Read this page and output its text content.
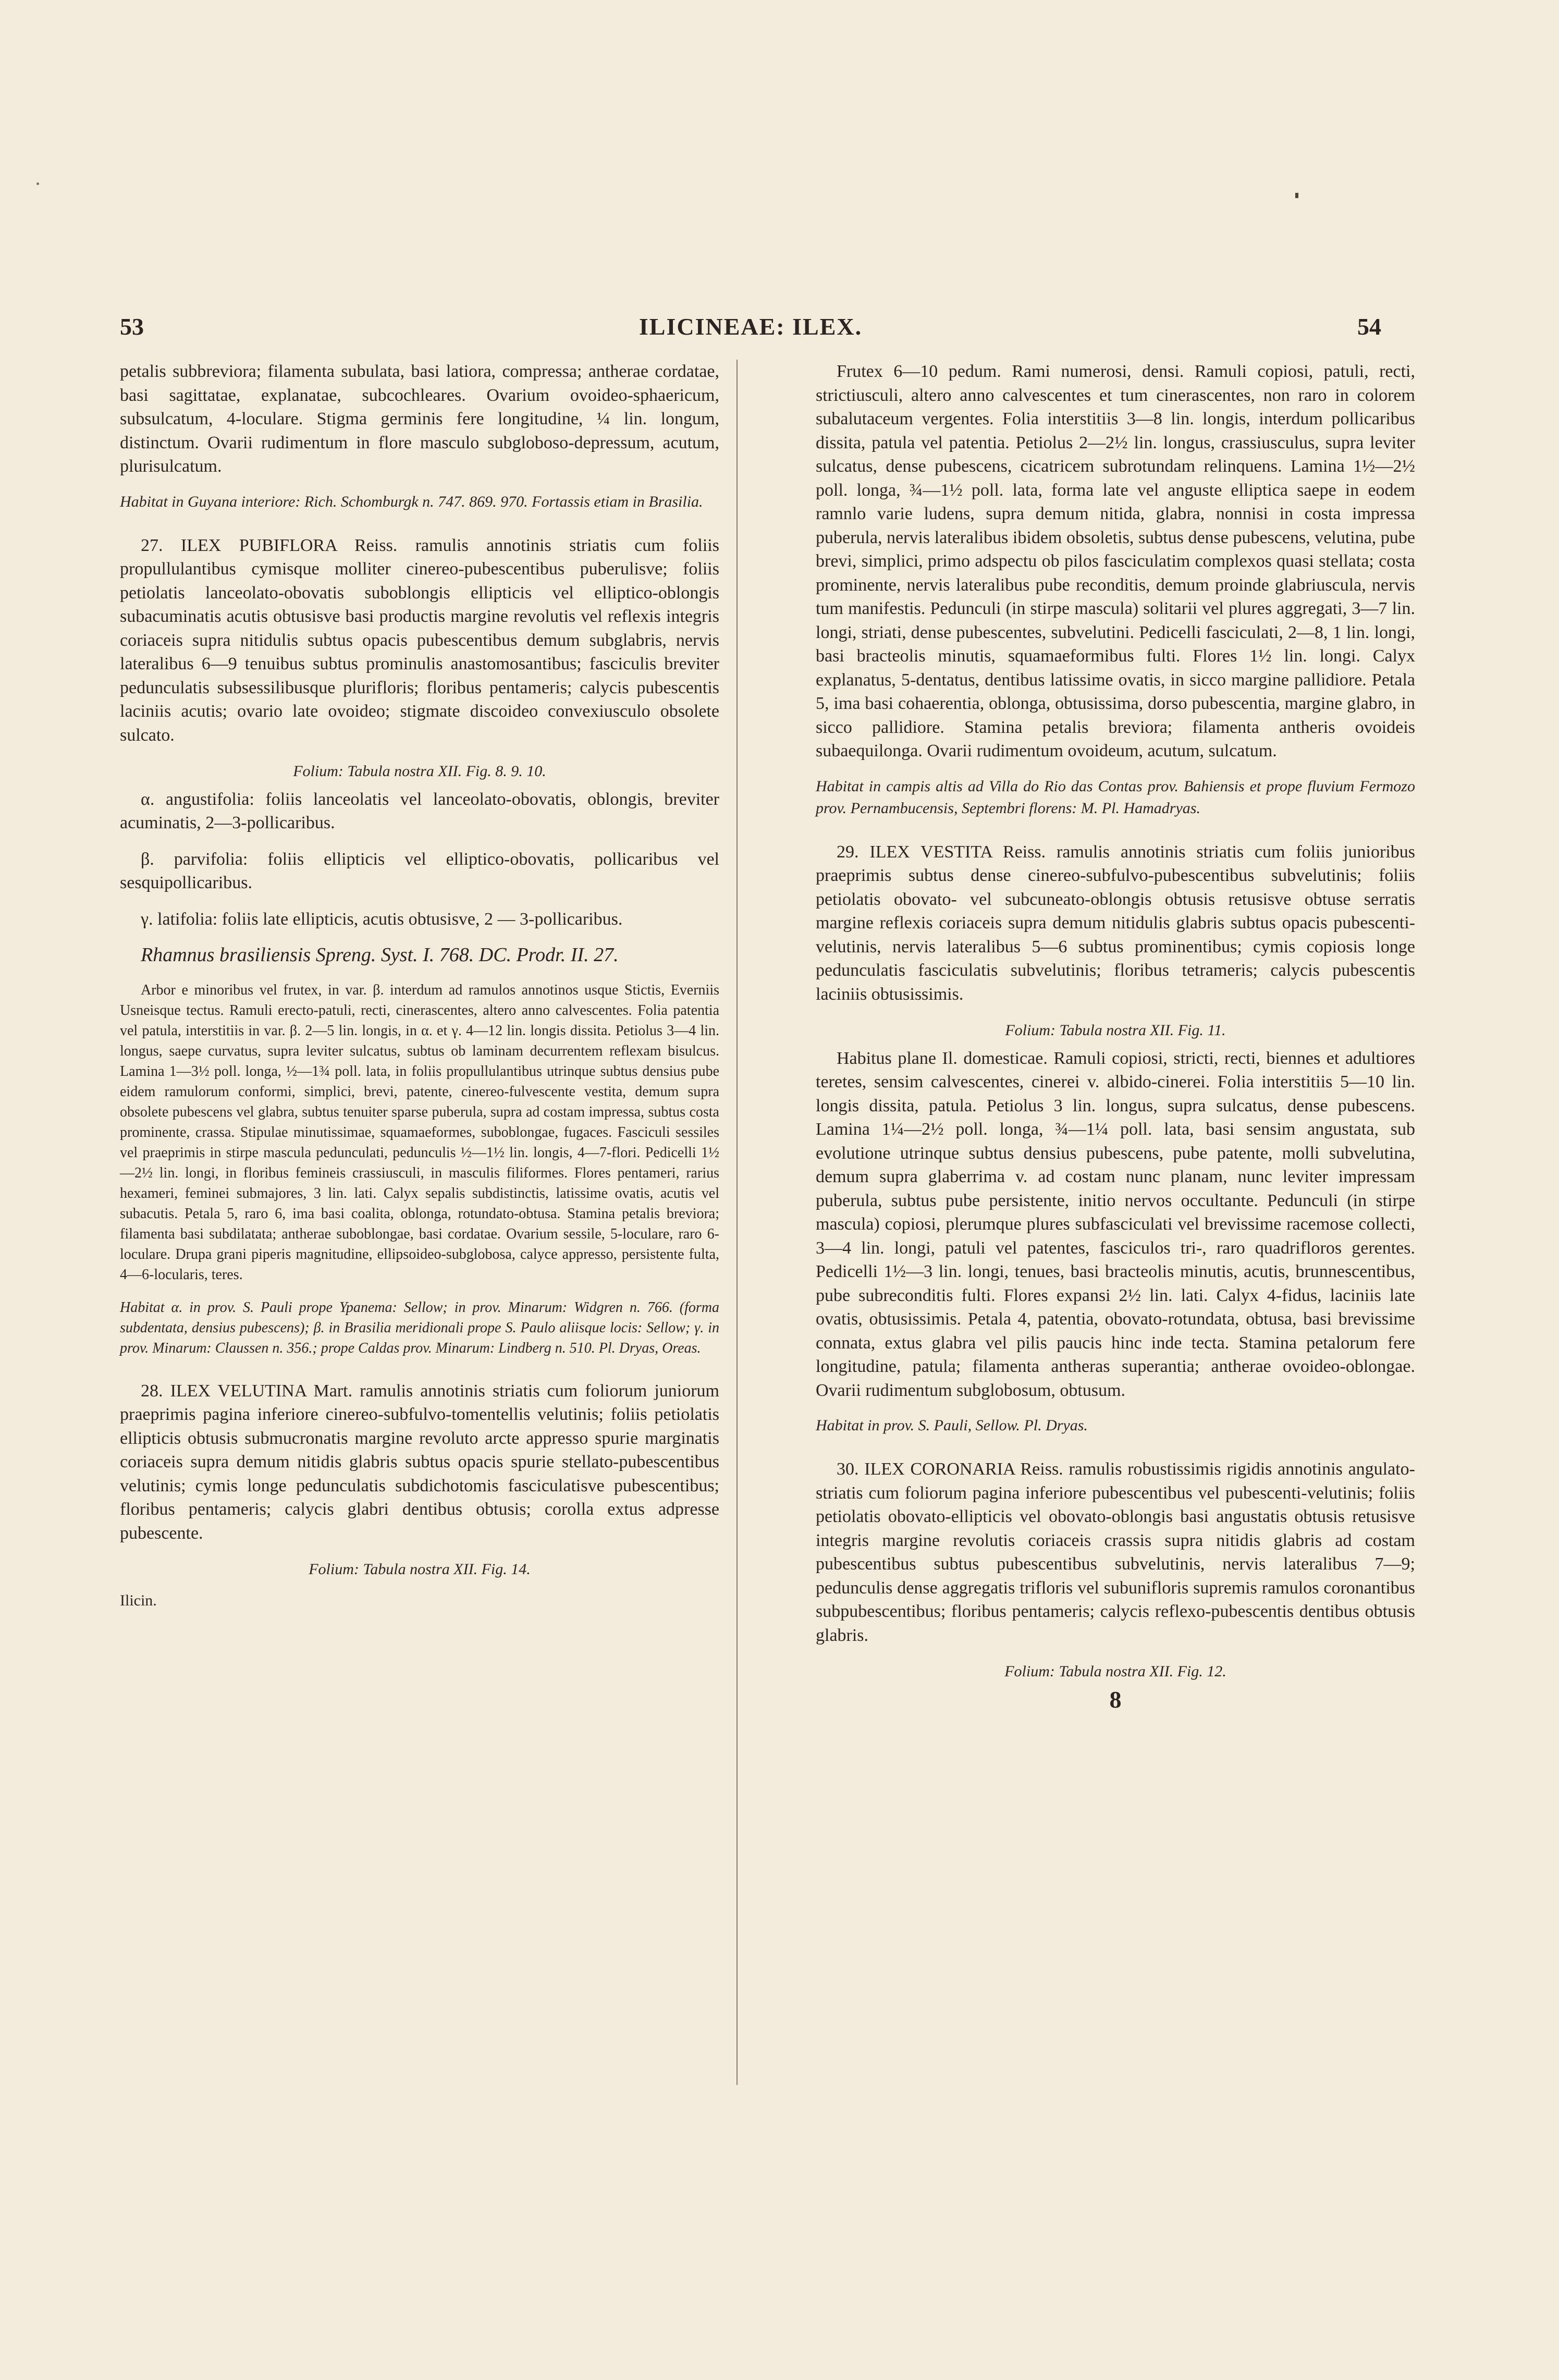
53	ILICINEAE: ILEX.	54

petalis subbreviora; filamenta subulata, basi latiora, compressa; antherae cordatae, basi sagittatae, explanatae, subcochleares. Ovarium ovoideo-sphaericum, subsulcatum, 4-loculare. Stigma germinis fere longitudine, ¼ lin. longum, distinctum. Ovarii rudimentum in flore masculo subgloboso-depressum, acutum, plurisulcatum.

Habitat in Guyana interiore: Rich. Schomburgk n. 747. 869. 970. Fortassis etiam in Brasilia.

27. ILEX PUBIFLORA Reiss. ramulis annotinis striatis cum foliis propullulantibus cymisque molliter cinereo-pubescentibus puberulisve; foliis petiolatis lanceolato-obovatis suboblongis ellipticis vel elliptico-oblongis subacuminatis acutis obtusisve basi productis margine revolutis vel reflexis integris coriaceis supra nitidulis subtus opacis pubescentibus demum subglabris, nervis lateralibus 6—9 tenuibus subtus prominulis anastomosantibus; fasciculis breviter pedunculatis subsessilibusque plurifloris; floribus pentameris; calycis pubescentis laciniis acutis; ovario late ovoideo; stigmate discoideo convexiusculo obsolete sulcato.

Folium: Tabula nostra XII. Fig. 8. 9. 10.

α. angustifolia: foliis lanceolatis vel lanceolato-obovatis, oblongis, breviter acuminatis, 2—3-pollicaribus.

β. parvifolia: foliis ellipticis vel elliptico-obovatis, pollicaribus vel sesquipollicaribus.

γ. latifolia: foliis late ellipticis, acutis obtusisve, 2 — 3-pollicaribus.

Rhamnus brasiliensis Spreng. Syst. I. 768. DC. Prodr. II. 27.

Arbor e minoribus vel frutex, in var. β. interdum ad ramulos annotinos usque Stictis, Everniis Usneisque tectus. Ramuli erecto-patuli, recti, cinerascentes, altero anno calvescentes. Folia patentia vel patula, interstitiis in var. β. 2—5 lin. longis, in α. et γ. 4—12 lin. longis dissita. Petiolus 3—4 lin. longus, saepe curvatus, supra leviter sulcatus, subtus ob laminam decurrentem reflexam bisulcus. Lamina 1—3½ poll. longa, ½—1¾ poll. lata, in foliis propullulantibus utrinque subtus densius pube eidem ramulorum conformi, simplici, brevi, patente, cinereo-fulvescente vestita, demum supra obsolete pubescens vel glabra, subtus tenuiter sparse puberula, supra ad costam impressa, subtus costa prominente, crassa. Stipulae minutissimae, squamaeformes, suboblongae, fugaces. Fasciculi sessiles vel praeprimis in stirpe mascula pedunculati, pedunculis ½—1½ lin. longis, 4—7-flori. Pedicelli 1½—2½ lin. longi, in floribus femineis crassiusculi, in masculis filiformes. Flores pentameri, rarius hexameri, feminei submajores, 3 lin. lati. Calyx sepalis subdistinctis, latissime ovatis, acutis vel subacutis. Petala 5, raro 6, ima basi coalita, oblonga, rotundato-obtusa. Stamina petalis breviora; filamenta basi subdilatata; antherae suboblongae, basi cordatae. Ovarium sessile, 5-loculare, raro 6-loculare. Drupa grani piperis magnitudine, ellipsoideo-subglobosa, calyce appresso, persistente fulta, 4—6-locularis, teres.

Habitat α. in prov. S. Pauli prope Ypanema: Sellow; in prov. Minarum: Widgren n. 766. (forma subdentata, densius pubescens); β. in Brasilia meridionali prope S. Paulo aliisque locis: Sellow; γ. in prov. Minarum: Claussen n. 356.; prope Caldas prov. Minarum: Lindberg n. 510. Pl. Dryas, Oreas.

28. ILEX VELUTINA Mart. ramulis annotinis striatis cum foliorum juniorum praeprimis pagina inferiore cinereo-subfulvo-tomentellis velutinis; foliis petiolatis ellipticis obtusis submucronatis margine revoluto arcte appresso spurie marginatis coriaceis supra demum nitidis glabris subtus opacis spurie stellato-pubescentibus velutinis; cymis longe pedunculatis subdichotomis fasciculatisve pubescentibus; floribus pentameris; calycis glabri dentibus obtusis; corolla extus adpresse pubescente.

Folium: Tabula nostra XII. Fig. 14.

Ilicin.

Frutex 6—10 pedum. Rami numerosi, densi. Ramuli copiosi, patuli, recti, strictiusculi, altero anno calvescentes et tum cinerascentes, non raro in colorem subalutaceum vergentes. Folia interstitiis 3—8 lin. longis, interdum pollicaribus dissita, patula vel patentia. Petiolus 2—2½ lin. longus, crassiusculus, supra leviter sulcatus, dense pubescens, cicatricem subrotundam relinquens. Lamina 1½—2½ poll. longa, ¾—1½ poll. lata, forma late vel anguste elliptica saepe in eodem ramnlo varie ludens, supra demum nitida, glabra, nonnisi in costa impressa puberula, nervis lateralibus ibidem obsoletis, subtus dense pubescens, velutina, pube brevi, simplici, primo adspectu ob pilos fasciculatim complexos quasi stellata; costa prominente, nervis lateralibus pube reconditis, demum proinde glabriuscula, nervis tum manifestis. Pedunculi (in stirpe mascula) solitarii vel plures aggregati, 3—7 lin. longi, striati, dense pubescentes, subvelutini. Pedicelli fasciculati, 2—8, 1 lin. longi, basi bracteolis minutis, squamaeformibus fulti. Flores 1½ lin. longi. Calyx explanatus, 5-dentatus, dentibus latissime ovatis, in sicco margine pallidiore. Petala 5, ima basi cohaerentia, oblonga, obtusissima, dorso pubescentia, margine glabro, in sicco pallidiore. Stamina petalis breviora; filamenta antheris ovoideis subaequilonga. Ovarii rudimentum ovoideum, acutum, sulcatum.

Habitat in campis altis ad Villa do Rio das Contas prov. Bahiensis et prope fluvium Fermozo prov. Pernambucensis, Septembri florens: M. Pl. Hamadryas.

29. ILEX VESTITA Reiss. ramulis annotinis striatis cum foliis junioribus praeprimis subtus dense cinereo-subfulvo-pubescentibus subvelutinis; foliis petiolatis obovato- vel subcuneato-oblongis obtusis retusisve obtuse serratis margine reflexis coriaceis supra demum nitidulis glabris subtus opacis pubescenti-velutinis, nervis lateralibus 5—6 subtus prominentibus; cymis copiosis longe pedunculatis fasciculatis subvelutinis; floribus tetrameris; calycis pubescentis laciniis obtusissimis.

Folium: Tabula nostra XII. Fig. 11.

Habitus plane Il. domesticae. Ramuli copiosi, stricti, recti, biennes et adultiores teretes, sensim calvescentes, cinerei v. albido-cinerei. Folia interstitiis 5—10 lin. longis dissita, patula. Petiolus 3 lin. longus, supra sulcatus, dense pubescens. Lamina 1¼—2½ poll. longa, ¾—1¼ poll. lata, basi sensim angustata, sub evolutione utrinque subtus densius pubescens, pube patente, molli subvelutina, demum supra glaberrima v. ad costam nunc planam, nunc leviter impressam puberula, subtus pube persistente, initio nervos occultante. Pedunculi (in stirpe mascula) copiosi, plerumque plures subfasciculati vel brevissime racemose collecti, 3—4 lin. longi, patuli vel patentes, fasciculos tri-, raro quadrifloros gerentes. Pedicelli 1½—3 lin. longi, tenues, basi bracteolis minutis, acutis, brunnescentibus, pube subreconditis fulti. Flores expansi 2½ lin. lati. Calyx 4-fidus, laciniis late ovatis, obtusissimis. Petala 4, patentia, obovato-rotundata, obtusa, basi brevissime connata, extus glabra vel pilis paucis hinc inde tecta. Stamina petalorum fere longitudine, patula; filamenta antheras superantia; antherae ovoideo-oblongae. Ovarii rudimentum subglobosum, obtusum.

Habitat in prov. S. Pauli, Sellow. Pl. Dryas.

30. ILEX CORONARIA Reiss. ramulis robustissimis rigidis annotinis angulato-striatis cum foliorum pagina inferiore pubescentibus vel pubescenti-velutinis; foliis petiolatis obovato-ellipticis vel obovato-oblongis basi angustatis obtusis retusisve integris margine revolutis coriaceis crassis supra nitidis glabris ad costam pubescentibus subtus pubescentibus subvelutinis, nervis lateralibus 7—9; pedunculis dense aggregatis trifloris vel subunifloris supremis ramulos coronantibus subpubescentibus; floribus pentameris; calycis reflexo-pubescentis dentibus obtusis glabris.

Folium: Tabula nostra XII. Fig. 12.

8
